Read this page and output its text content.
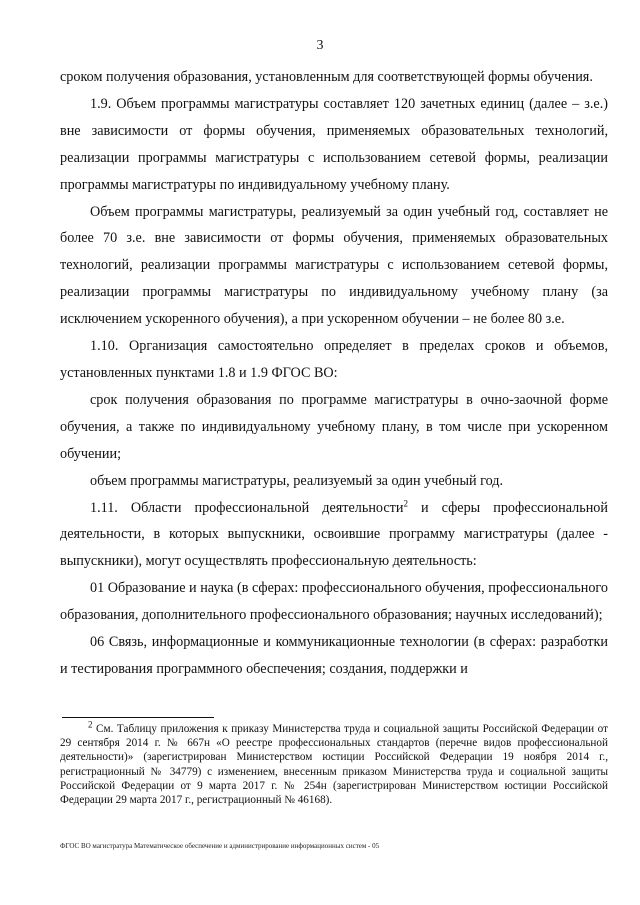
3

сроком получения образования, установленным для соответствующей формы обучения.

1.9. Объем программы магистратуры составляет 120 зачетных единиц (далее – з.е.) вне зависимости от формы обучения, применяемых образовательных технологий, реализации программы магистратуры с использованием сетевой формы, реализации программы магистратуры по индивидуальному учебному плану.

Объем программы магистратуры, реализуемый за один учебный год, составляет не более 70 з.е. вне зависимости от формы обучения, применяемых образовательных технологий, реализации программы магистратуры с использованием сетевой формы, реализации программы магистратуры по индивидуальному учебному плану (за исключением ускоренного обучения), а при ускоренном обучении – не более 80 з.е.

1.10. Организация самостоятельно определяет в пределах сроков и объемов, установленных пунктами 1.8 и 1.9 ФГОС ВО:

срок получения образования по программе магистратуры в очно-заочной форме обучения, а также по индивидуальному учебному плану, в том числе при ускоренном обучении;

объем программы магистратуры, реализуемый за один учебный год.

1.11. Области профессиональной деятельности$^2$ и сферы профессиональной деятельности, в которых выпускники, освоившие программу магистратуры (далее - выпускники), могут осуществлять профессиональную деятельность:

01 Образование и наука (в сферах: профессионального обучения, профессионального образования, дополнительного профессионального образования; научных исследований);

06 Связь, информационные и коммуникационные технологии (в сферах: разработки и тестирования программного обеспечения; создания, поддержки и

$^2$ См. Таблицу приложения к приказу Министерства труда и социальной защиты Российской Федерации от 29 сентября 2014 г. № 667н «О реестре профессиональных стандартов (перечне видов профессиональной деятельности)» (зарегистрирован Министерством юстиции Российской Федерации 19 ноября 2014 г., регистрационный № 34779) с изменением, внесенным приказом Министерства труда и социальной защиты Российской Федерации от 9 марта 2017 г. № 254н (зарегистрирован Министерством юстиции Российской Федерации 29 марта 2017 г., регистрационный № 46168).

ФГОС ВО магистратура Математическое обеспечение и администрирование информационных систем - 05
